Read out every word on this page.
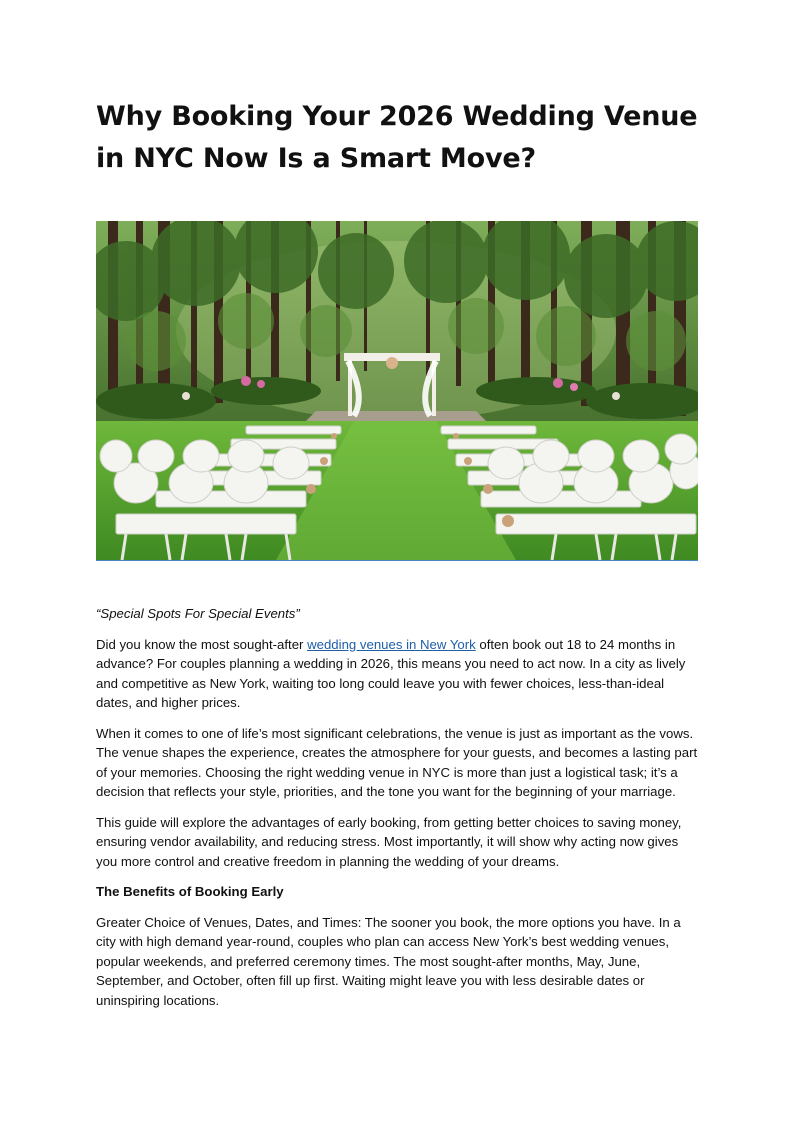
Why Booking Your 2026 Wedding Venue in NYC Now Is a Smart Move?

“Special Spots For Special Events”

Did you know the most sought-after wedding venues in New York often book out 18 to 24 months in advance? For couples planning a wedding in 2026, this means you need to act now. In a city as lively and competitive as New York, waiting too long could leave you with fewer choices, less-than-ideal dates, and higher prices.

When it comes to one of life’s most significant celebrations, the venue is just as important as the vows. The venue shapes the experience, creates the atmosphere for your guests, and becomes a lasting part of your memories. Choosing the right wedding venue in NYC is more than just a logistical task; it’s a decision that reflects your style, priorities, and the tone you want for the beginning of your marriage.

This guide will explore the advantages of early booking, from getting better choices to saving money, ensuring vendor availability, and reducing stress. Most importantly, it will show why acting now gives you more control and creative freedom in planning the wedding of your dreams.

The Benefits of Booking Early

Greater Choice of Venues, Dates, and Times: The sooner you book, the more options you have. In a city with high demand year-round, couples who plan can access New York’s best wedding venues, popular weekends, and preferred ceremony times. The most sought-after months, May, June, September, and October, often fill up first. Waiting might leave you with less desirable dates or uninspiring locations.
